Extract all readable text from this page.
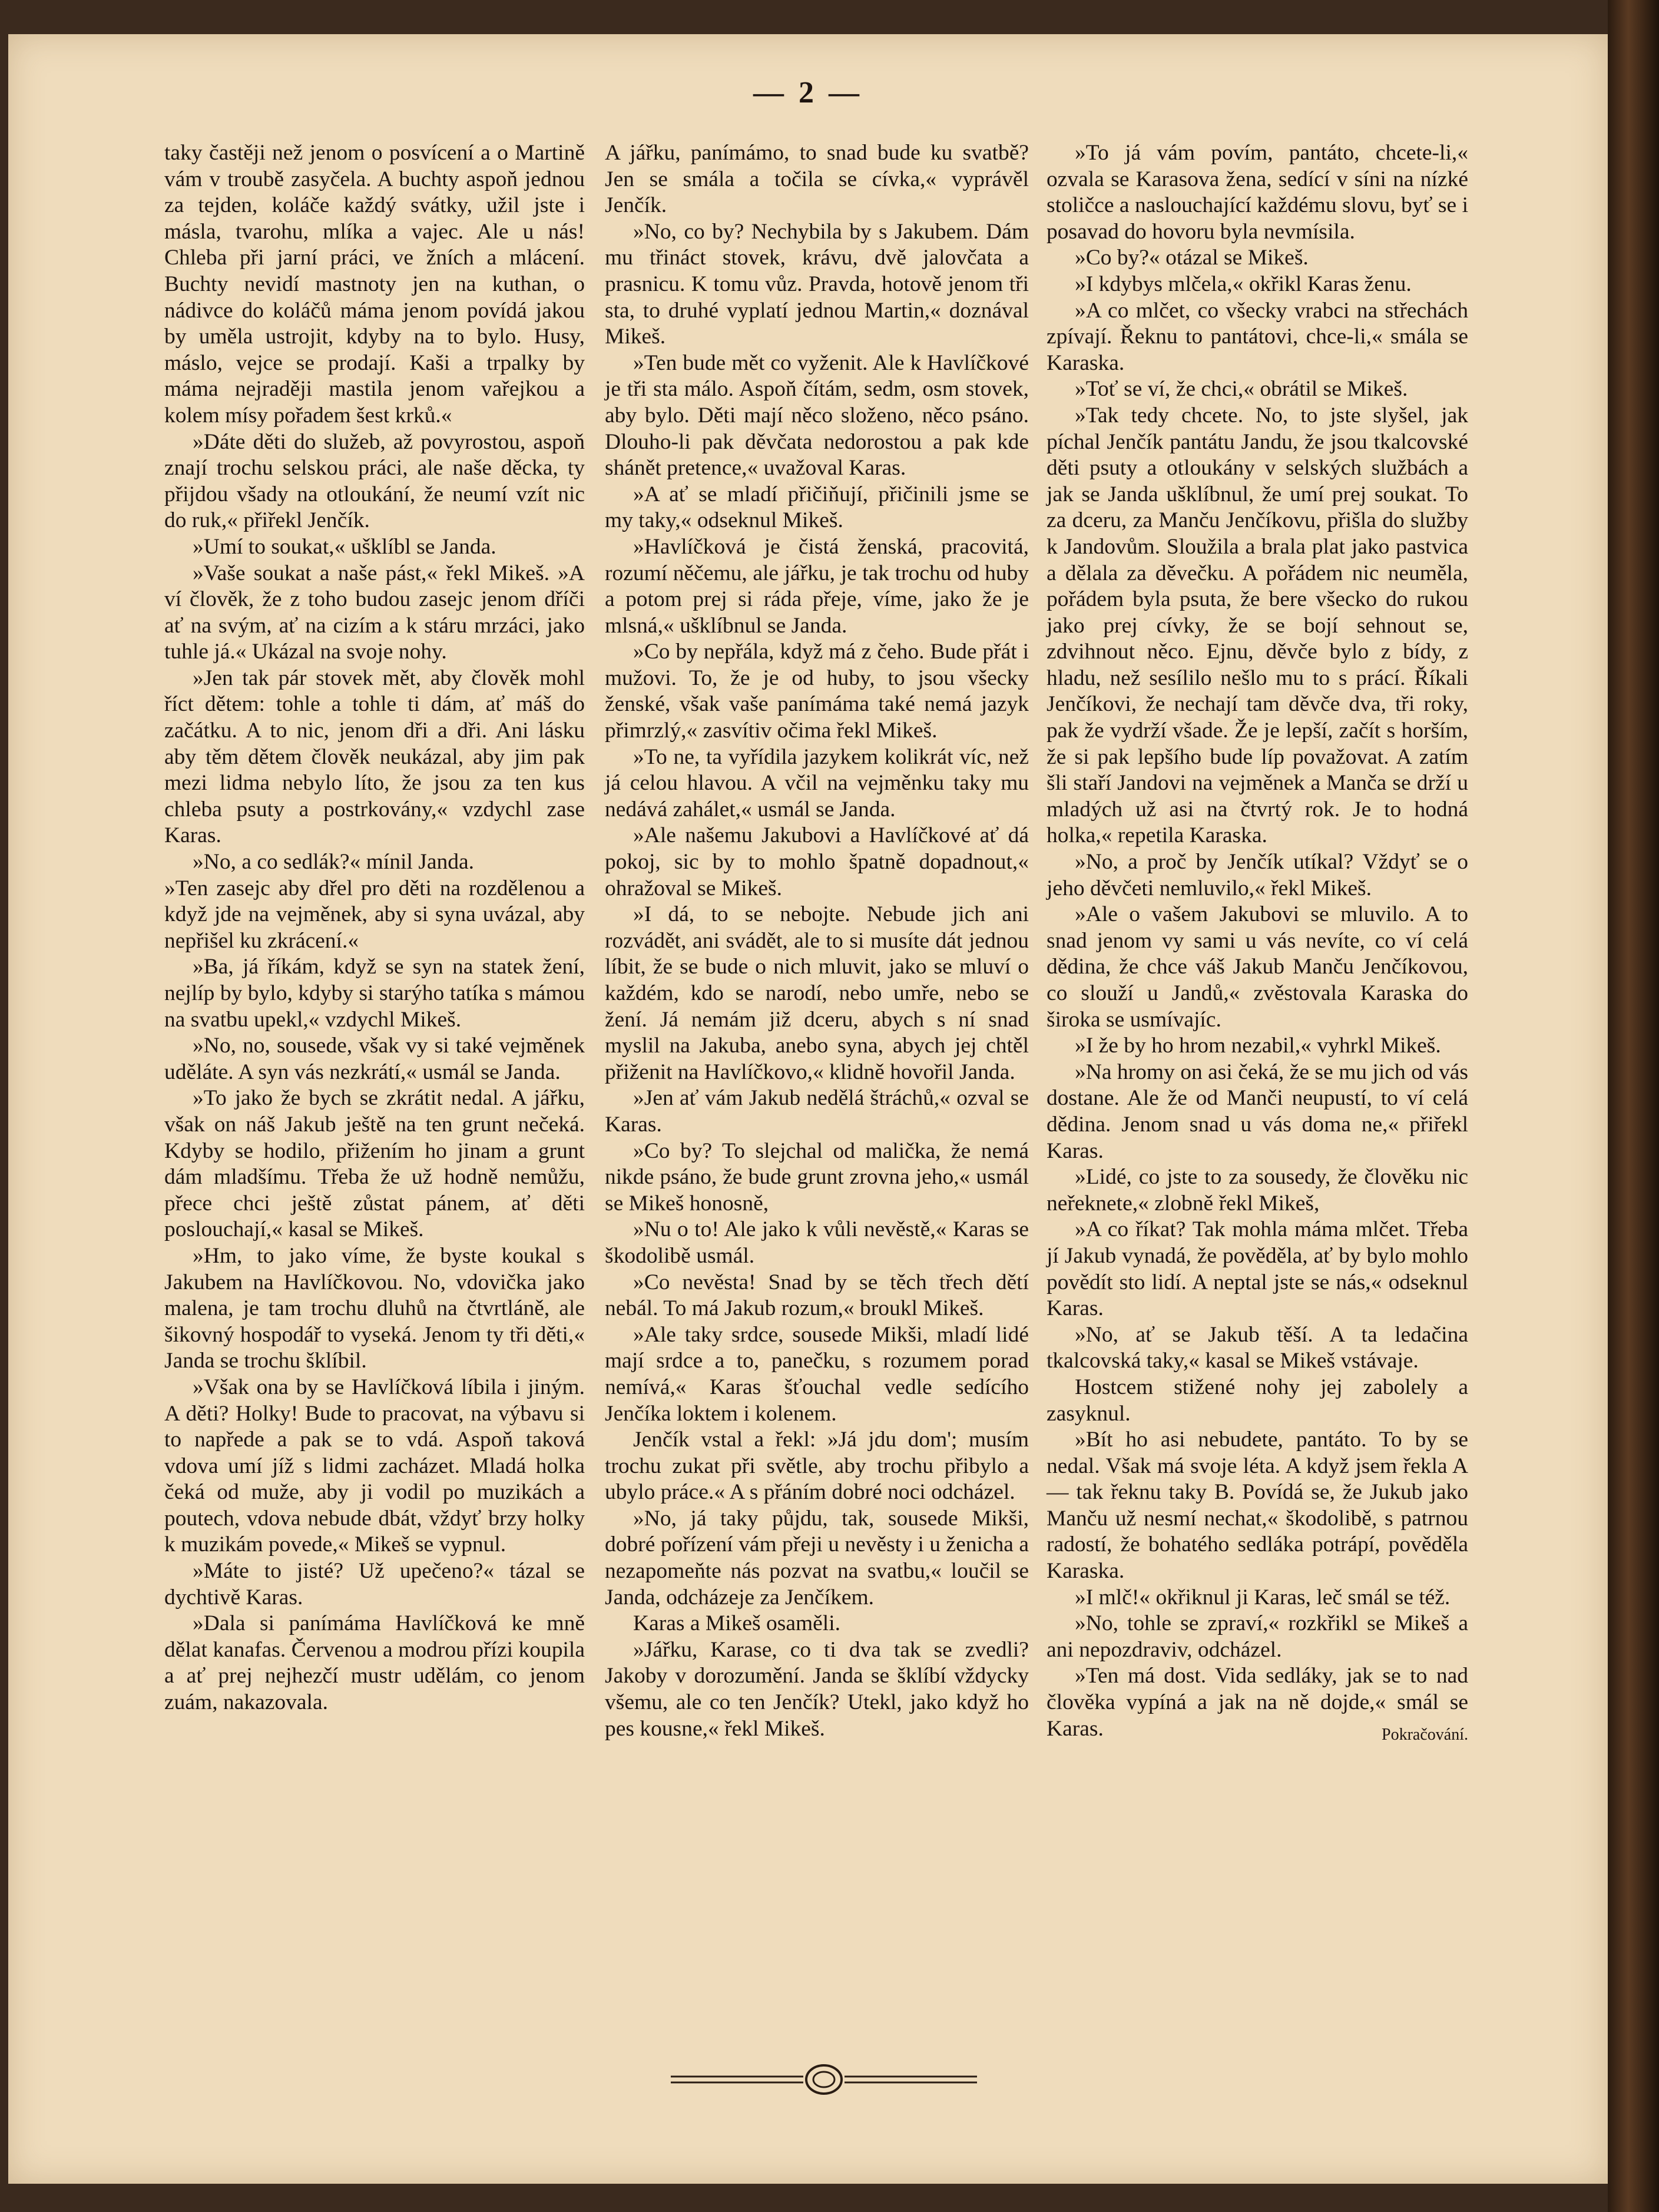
— 2 —

taky častěji než jenom o posvícení a o Martině vám v troubě zasyčela. A buchty aspoň jednou za tejden, koláče každý svátky, užil jste i másla, tvarohu, mlíka a vajec. Ale u nás! Chleba při jarní práci, ve žních a mlácení. Buchty nevidí mastnoty jen na kuthan, o nádivce do koláčů máma jenom povídá jakou by uměla ustrojit, kdyby na to bylo. Husy, máslo, vejce se prodají. Kaši a trpalky by máma nejraději mastila jenom vařejkou a kolem mísy pořadem šest krků.«

»Dáte děti do služeb, až povyrostou, aspoň znají trochu selskou práci, ale naše děcka, ty přijdou všady na otloukání, že neumí vzít nic do ruk,« přiřekl Jenčík.

»Umí to soukat,« ušklíbl se Janda.

»Vaše soukat a naše pást,« řekl Mikeš. »A ví člověk, že z toho budou zasejc jenom dříči ať na svým, ať na cizím a k stáru mrzáci, jako tuhle já.« Ukázal na svoje nohy.

»Jen tak pár stovek mět, aby člověk mohl říct dětem: tohle a tohle ti dám, ať máš do začátku. A to nic, jenom dři a dři. Ani lásku aby těm dětem člověk neukázal, aby jim pak mezi lidma nebylo líto, že jsou za ten kus chleba psuty a postrkovány,« vzdychl zase Karas.

»No, a co sedlák?« mínil Janda.

»Ten zasejc aby dřel pro děti na rozdělenou a když jde na vejměnek, aby si syna uvázal, aby nepřišel ku zkrácení.«

»Ba, já říkám, když se syn na statek žení, nejlíp by bylo, kdyby si starýho tatíka s mámou na svatbu upekl,« vzdychl Mikeš.

»No, no, sousede, však vy si také vejměnek uděláte. A syn vás nezkrátí,« usmál se Janda.

»To jako že bych se zkrátit nedal. A jářku, však on náš Jakub ještě na ten grunt nečeká. Kdyby se hodilo, přižením ho jinam a grunt dám mladšímu. Třeba že už hodně nemůžu, přece chci ještě zůstat pánem, ať děti poslouchají,« kasal se Mikeš.

»Hm, to jako víme, že byste koukal s Jakubem na Havlíčkovou. No, vdovička jako malena, je tam trochu dluhů na čtvrtláně, ale šikovný hospodář to vyseká. Jenom ty tři děti,« Janda se trochu šklíbil.

»Však ona by se Havlíčková líbila i jiným. A děti? Holky! Bude to pracovat, na výbavu si to napřede a pak se to vdá. Aspoň taková vdova umí jíž s lidmi zacházet. Mladá holka čeká od muže, aby ji vodil po muzikách a poutech, vdova nebude dbát, vždyť brzy holky k muzikám povede,« Mikeš se vypnul.

»Máte to jisté? Už upečeno?« tázal se dychtivě Karas.

»Dala si panímáma Havlíčková ke mně dělat kanafas. Červenou a modrou přízi koupila a ať prej nejhezčí mustr udělám, co jenom zuám, nakazovala.

A jářku, panímámo, to snad bude ku svatbě? Jen se smála a točila se cívka,« vyprávěl Jenčík.

»No, co by? Nechybila by s Jakubem. Dám mu třináct stovek, krávu, dvě jalovčata a prasnicu. K tomu vůz. Pravda, hotově jenom tři sta, to druhé vyplatí jednou Martin,« doznával Mikeš.

»Ten bude mět co vyženit. Ale k Havlíčkové je tři sta málo. Aspoň čítám, sedm, osm stovek, aby bylo. Děti mají něco složeno, něco psáno. Dlouho-li pak děvčata nedorostou a pak kde shánět pretence,« uvažoval Karas.

»A ať se mladí přičiňují, přičinili jsme se my taky,« odseknul Mikeš.

»Havlíčková je čistá ženská, pracovitá, rozumí něčemu, ale jářku, je tak trochu od huby a potom prej si ráda přeje, víme, jako že je mlsná,« ušklíbnul se Janda.

»Co by nepřála, když má z čeho. Bude přát i mužovi. To, že je od huby, to jsou všecky ženské, však vaše panímáma také nemá jazyk přimrzlý,« zasvítiv očima řekl Mikeš.

»To ne, ta vyřídila jazykem kolikrát víc, než já celou hlavou. A včil na vejměnku taky mu nedává zahálet,« usmál se Janda.

»Ale našemu Jakubovi a Havlíčkové ať dá pokoj, sic by to mohlo špatně dopadnout,« ohražoval se Mikeš.

»I dá, to se nebojte. Nebude jich ani rozvádět, ani svádět, ale to si musíte dát jednou líbit, že se bude o nich mluvit, jako se mluví o každém, kdo se narodí, nebo umře, nebo se žení. Já nemám již dceru, abych s ní snad myslil na Jakuba, anebo syna, abych jej chtěl přiženit na Havlíčkovo,« klidně hovořil Janda.

»Jen ať vám Jakub nedělá štráchů,« ozval se Karas.

»Co by? To slejchal od malička, že nemá nikde psáno, že bude grunt zrovna jeho,« usmál se Mikeš honosně,

»Nu o to! Ale jako k vůli nevěstě,« Karas se škodolibě usmál.

»Co nevěsta! Snad by se těch třech dětí nebál. To má Jakub rozum,« broukl Mikeš.

»Ale taky srdce, sousede Mikši, mladí lidé mají srdce a to, panečku, s rozumem porad nemívá,« Karas šťouchal vedle sedícího Jenčíka loktem i kolenem.

Jenčík vstal a řekl: »Já jdu dom'; musím trochu zukat při světle, aby trochu přibylo a ubylo práce.« A s přáním dobré noci odcházel.

»No, já taky půjdu, tak, sousede Mikši, dobré pořízení vám přeji u nevěsty i u ženicha a nezapomeňte nás pozvat na svatbu,« loučil se Janda, odcházeje za Jenčíkem.

Karas a Mikeš osaměli.

»Jářku, Karase, co ti dva tak se zvedli? Jakoby v dorozumění. Janda se šklíbí vždycky všemu, ale co ten Jenčík? Utekl, jako když ho pes kousne,« řekl Mikeš.

»To já vám povím, pantáto, chcete-li,« ozvala se Karasova žena, sedící v síni na nízké stoličce a naslouchající každému slovu, byť se i posavad do hovoru byla nevmísila.

»Co by?« otázal se Mikeš.

»I kdybys mlčela,« okřikl Karas ženu.

»A co mlčet, co všecky vrabci na střechách zpívají. Řeknu to pantátovi, chce-li,« smála se Karaska.

»Toť se ví, že chci,« obrátil se Mikeš.

»Tak tedy chcete. No, to jste slyšel, jak píchal Jenčík pantátu Jandu, že jsou tkalcovské děti psuty a otloukány v selských službách a jak se Janda ušklíbnul, že umí prej soukat. To za dceru, za Manču Jenčíkovu, přišla do služby k Jandovům. Sloužila a brala plat jako pastvica a dělala za děvečku. A pořádem nic neuměla, pořádem byla psuta, že bere všecko do rukou jako prej cívky, že se bojí sehnout se, zdvihnout něco. Ejnu, děvče bylo z bídy, z hladu, než sesílilo nešlo mu to s prácí. Říkali Jenčíkovi, že nechají tam děvče dva, tři roky, pak že vydrží všade. Že je lepší, začít s horším, že si pak lepšího bude líp považovat. A zatím šli staří Jandovi na vejměnek a Manča se drží u mladých už asi na čtvrtý rok. Je to hodná holka,« repetila Karaska.

»No, a proč by Jenčík utíkal? Vždyť se o jeho děvčeti nemluvilo,« řekl Mikeš.

»Ale o vašem Jakubovi se mluvilo. A to snad jenom vy sami u vás nevíte, co ví celá dědina, že chce váš Jakub Manču Jenčíkovou, co slouží u Jandů,« zvěstovala Karaska do široka se usmívajíc.

»I že by ho hrom nezabil,« vyhrkl Mikeš.

»Na hromy on asi čeká, že se mu jich od vás dostane. Ale že od Manči neupustí, to ví celá dědina. Jenom snad u vás doma ne,« přiřekl Karas.

»Lidé, co jste to za sousedy, že člověku nic neřeknete,« zlobně řekl Mikeš,

»A co říkat? Tak mohla máma mlčet. Třeba jí Jakub vynadá, že pověděla, ať by bylo mohlo povědít sto lidí. A neptal jste se nás,« odseknul Karas.

»No, ať se Jakub těší. A ta ledačina tkalcovská taky,« kasal se Mikeš vstávaje.

Hostcem stižené nohy jej zabolely a zasyknul.

»Bít ho asi nebudete, pantáto. To by se nedal. Však má svoje léta. A když jsem řekla A — tak řeknu taky B. Povídá se, že Jukub jako Manču už nesmí nechat,« škodolibě, s patrnou radostí, že bohatého sedláka potrápí, pověděla Karaska.

»I mlč!« okřiknul ji Karas, leč smál se též.

»No, tohle se zpraví,« rozkřikl se Mikeš a ani nepozdraviv, odcházel.

»Ten má dost. Vida sedláky, jak se to nad člověka vypíná a jak na ně dojde,« smál se Karas.	Pokračování.
